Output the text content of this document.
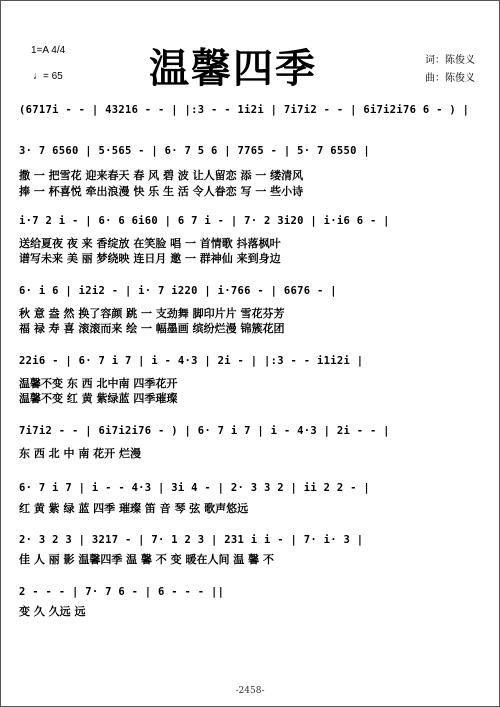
1=A 4/4
♩= 65 温馨四季	词：陈俊义
曲：陈俊义
(6717i - - | 43216 - - | |:3 - - 1i2i | 7i7i2 - - | 6i7i2i76 6 - ) |
3· 7 6560 | 5·565 - | 6· 7 5 6 | 7765 - | 5· 7 6550 |
撒 一 把雪花 迎来春天 春 风 碧 波 让人留恋 添 一 缕清风
捧 一 杯喜悦 牵出浪漫 快 乐 生 活 令人眷恋 写 一 些小诗
i·7 2 i - | 6· 6 6i60 | 6 7 i - | 7· 2 3i20 | i·i6 6 - |
送给夏夜 夜 来 香绽放 在笑脸 唱 一 首情歌 抖落枫叶
谱写未来 美 丽 梦绕映 连日月 邀 一 群神仙 来到身边
6· i 6 | i2i2 - | i· 7 i220 | i·766 - | 6676 - |
秋 意 盎 然 换了容颜 跳 一 支劲舞 脚印片片 雪花芬芳
福 禄 寿 喜 滚滚而来 绘 一 幅墨画 缤纷烂漫 锦簇花团
22i6 - | 6· 7 i 7 | i - 4·3 | 2i - | |:3 - - i1i2i |
温馨不变 东 西 北中南 四季花开
温馨不变 红 黄 紫绿蓝 四季璀璨
7i7i2 - - | 6i7i2i76 - ) | 6· 7 i 7 | i - 4·3 | 2i - - |
东 西 北 中 南 花开 烂漫
6· 7 i 7 | i - - 4·3 | 3i 4 - | 2· 3 3 2 | ii 2 2 - |
红 黄 紫 绿 蓝 四季 璀璨 笛 音 琴 弦 歌声悠远
2· 3 2 3 | 3217 - | 7· 1 2 3 | 231 i i - | 7· i· 3 |
佳 人 丽 影 温馨四季 温 馨 不 变 暖在人间 温 馨 不
2 - - - | 7· 7 6 - | 6 - - - ||
变 久 久远 远
-2458-
